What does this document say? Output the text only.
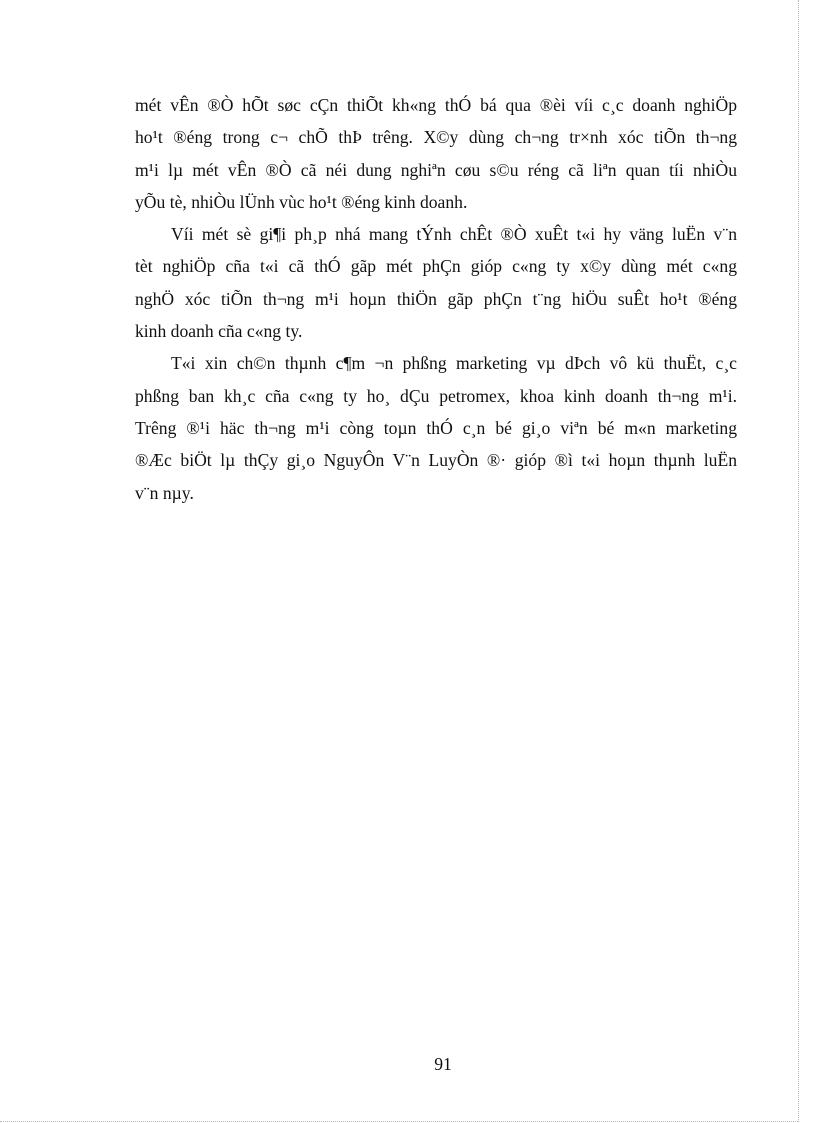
mét vÊn ®Ò hÕt søc cÇn thiÕt kh«ng thÓ bá qua ®èi víi c¸c doanh nghiÖp
ho¹t ®éng trong c¬ chÕ thÞ trêng. X©y dùng ch¬ng tr×nh xóc tiÕn th¬ng
m¹i lµ mét vÊn ®Ò cã néi dung nghiªn cøu s©u réng cã liªn quan tíi nhiÒu
yÕu tè, nhiÒu lÜnh vùc ho¹t ®éng kinh doanh.
Víi mét sè gi¶i ph¸p nhá mang tÝnh chÊt ®Ò xuÊt t«i hy väng luËn v¨n
tèt nghiÖp cña t«i cã thÓ gãp mét phÇn gióp c«ng ty x©y dùng mét c«ng
nghÖ xóc tiÕn th¬ng m¹i hoµn thiÖn gãp phÇn t¨ng hiÖu suÊt ho¹t ®éng
kinh doanh cña c«ng ty.
T«i xin ch©n thµnh c¶m ¬n phßng marketing vµ dÞch vô kü thuËt, c¸c
phßng ban kh¸c cña c«ng ty ho¸ dÇu petromex, khoa kinh doanh th¬ng m¹i.
Trêng ®¹i häc th¬ng m¹i còng toµn thÓ c¸n bé gi¸o viªn bé m«n marketing
®Æc biÖt lµ thÇy gi¸o NguyÔn V¨n LuyÒn ®· gióp ®ì t«i hoµn thµnh luËn
v¨n nµy.
91
